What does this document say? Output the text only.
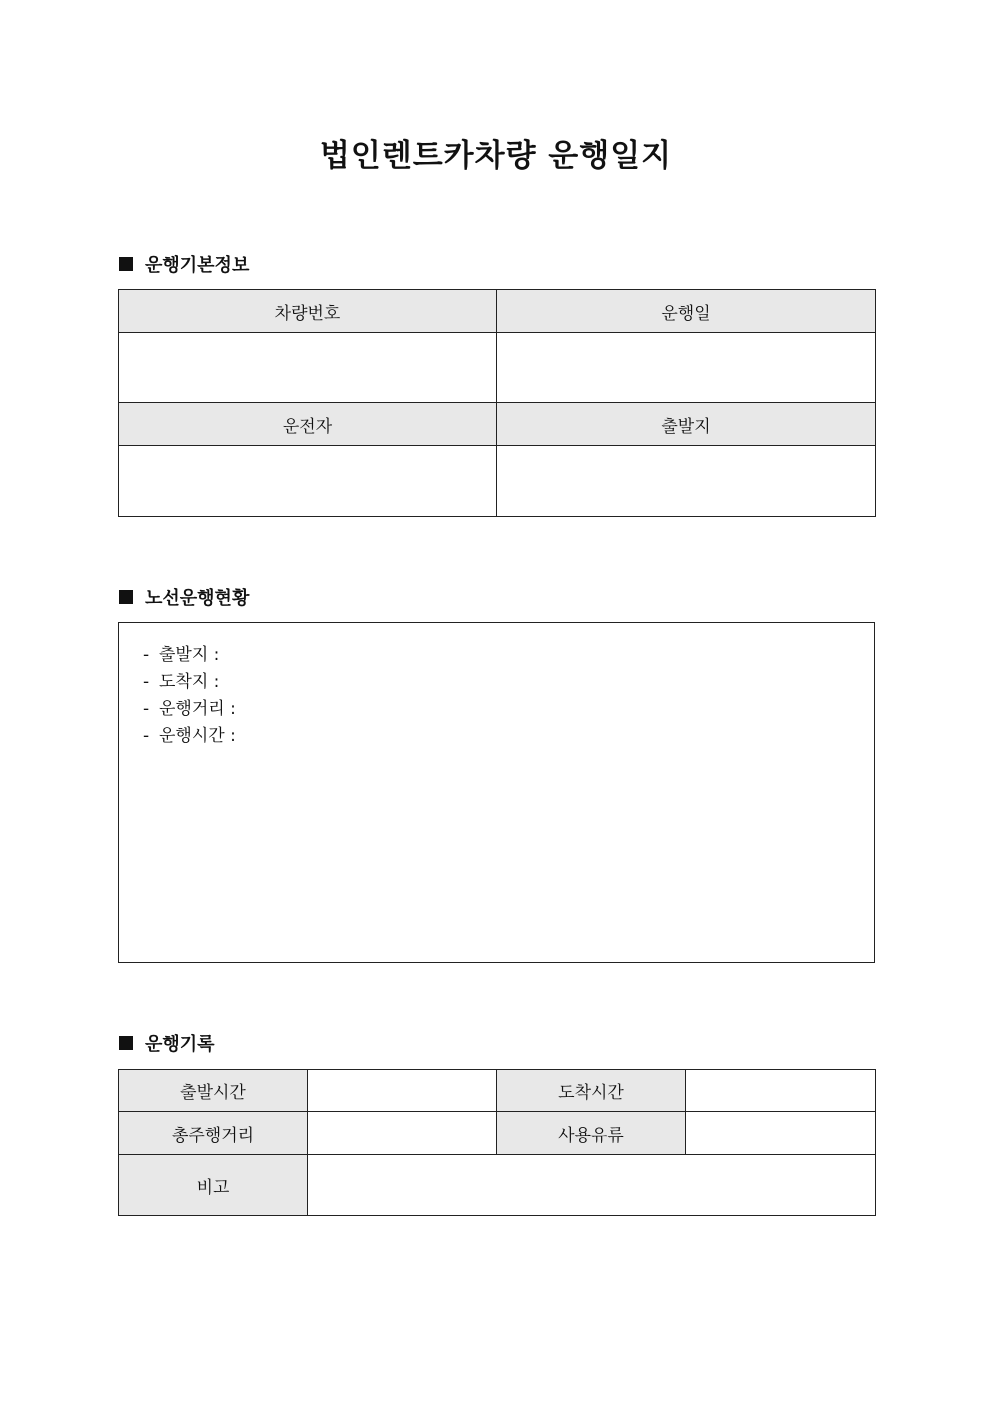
법인렌트카차량 운행일지
운행기본정보
차량번호	운행일

운전자	출발지

노선운행현황
- 출발지 :
- 도착지 :
- 운행거리 :
- 운행시간 :
운행기록
출발시간		도착시간	
총주행거리		사용유류	
비고			
